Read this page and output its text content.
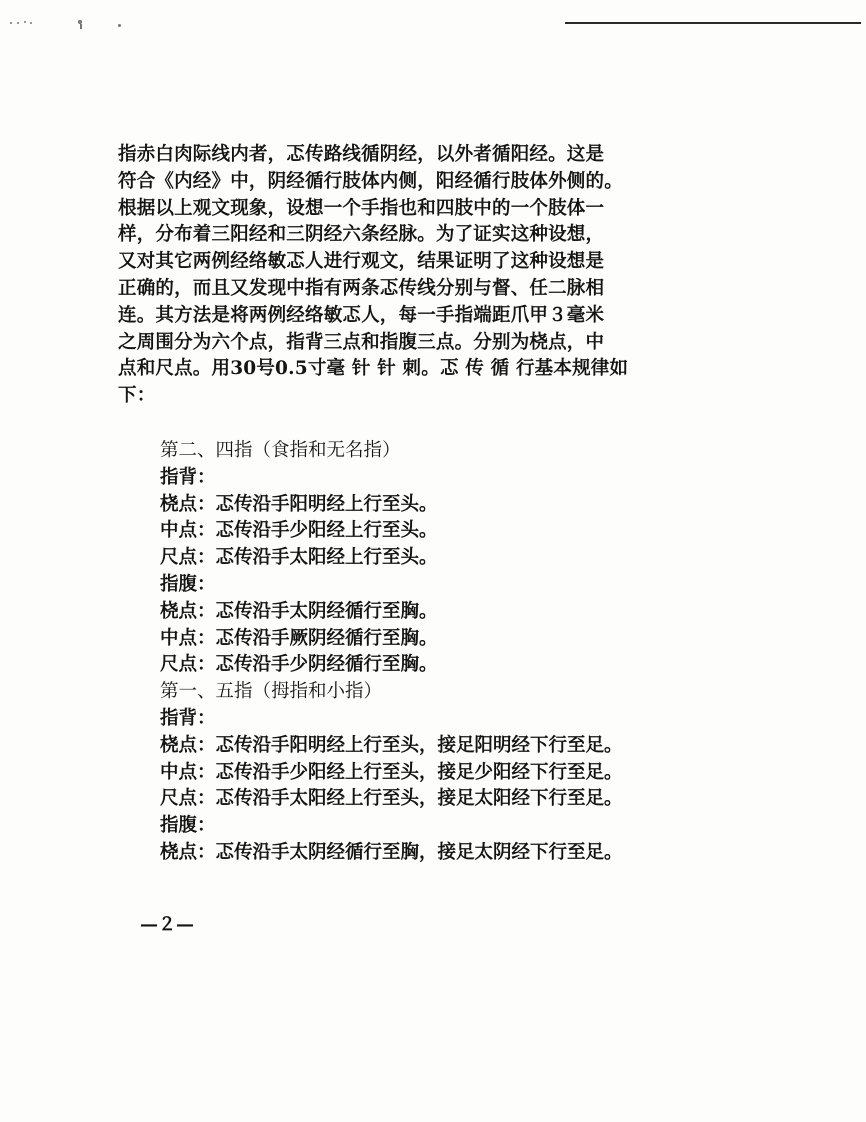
指赤白肉际线内者，忑传路线循阴经，以外者循阳经。这是
符合《内经》中，阴经循行肢体内侧，阳经循行肢体外侧的。
根据以上观文现象，设想一个手指也和四肢中的一个肢体一
样，分布着三阳经和三阴经六条经脉。为了证实这种设想，
又对其它两例经络敏忑人进行观文，结果证明了这种设想是
正确的，而且又发现中指有两条忑传线分别与督、任二脉相
连。其方法是将两例经络敏忑人，每一手指端距爪甲３毫米
之周围分为六个点，指背三点和指腹三点。分别为桡点，中
点和尺点。用30号0.5寸毫 针 针 刺。忑 传 循 行基本规律如
下：
第二、四指（食指和无名指）
指背：
桡点：忑传沿手阳明经上行至头。
中点：忑传沿手少阳经上行至头。
尺点：忑传沿手太阳经上行至头。
指腹：
桡点：忑传沿手太阴经循行至胸。
中点：忑传沿手厥阴经循行至胸。
尺点：忑传沿手少阴经循行至胸。
第一、五指（拇指和小指）
指背：
桡点：忑传沿手阳明经上行至头，接足阳明经下行至足。
中点：忑传沿手少阳经上行至头，接足少阳经下行至足。
尺点：忑传沿手太阳经上行至头，接足太阳经下行至足。
指腹：
桡点：忑传沿手太阴经循行至胸，接足太阴经下行至足。
—２—
